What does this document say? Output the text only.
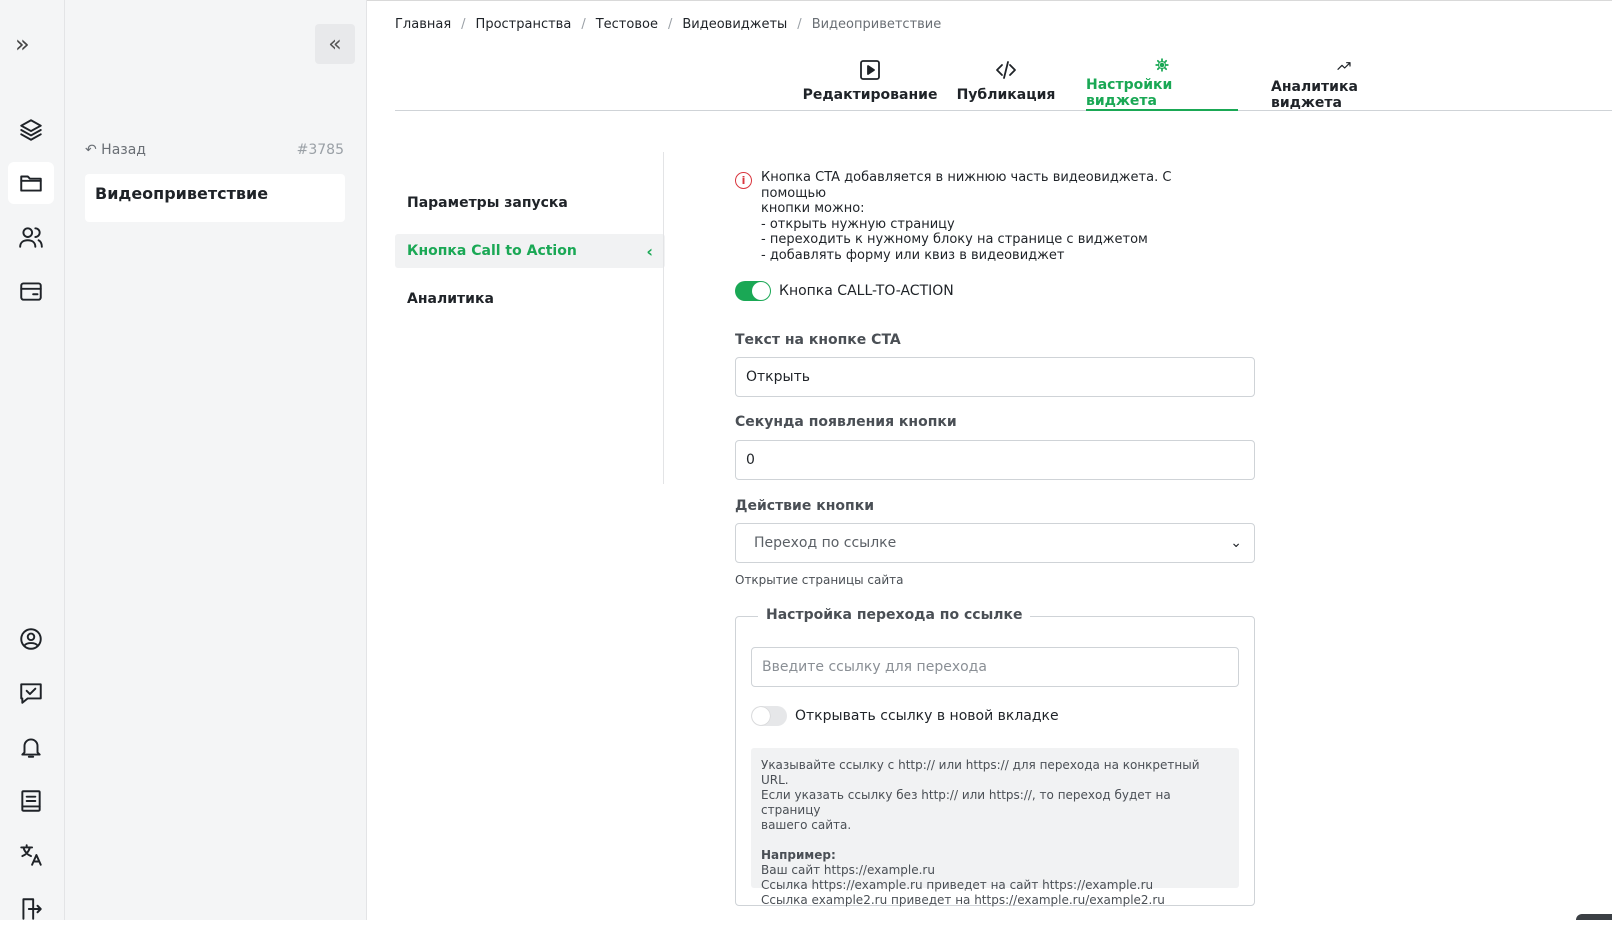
»	«
↶ Назад	#3785
Видеоприветствие
Главная / Пространства / Тестовое / Видеовиджеты / Видеоприветствие
Редактирование Публикация
Настройки виджета
Аналитика виджета
Параметры запуска
Кнопка Call to Action	‹
Аналитика
i	Кнопка CTA добавляется в нижнюю часть видеовиджета. С помощью
кнопки можно:
- открыть нужную страницу
- переходить к нужному блоку на странице с виджетом
- добавлять форму или квиз в видеовиджет
Кнопка CALL-TO-ACTION
Текст на кнопке CTA
Открыть
Секунда появления кнопки
0
Действие кнопки
Переход по ссылке	⌄
Открытие страницы сайта
Настройка перехода по ссылке
Введите ссылку для перехода
Открывать ссылку в новой вкладке
Указывайте ссылку с http:// или https:// для перехода на конкретный URL.
Если указать ссылку без http:// или https://, то переход будет на страницу
вашего сайта.
Например:
Ваш сайт https://example.ru
Ссылка https://example.ru приведет на сайт https://example.ru
Ссылка example2.ru приведет на https://example.ru/example2.ru
